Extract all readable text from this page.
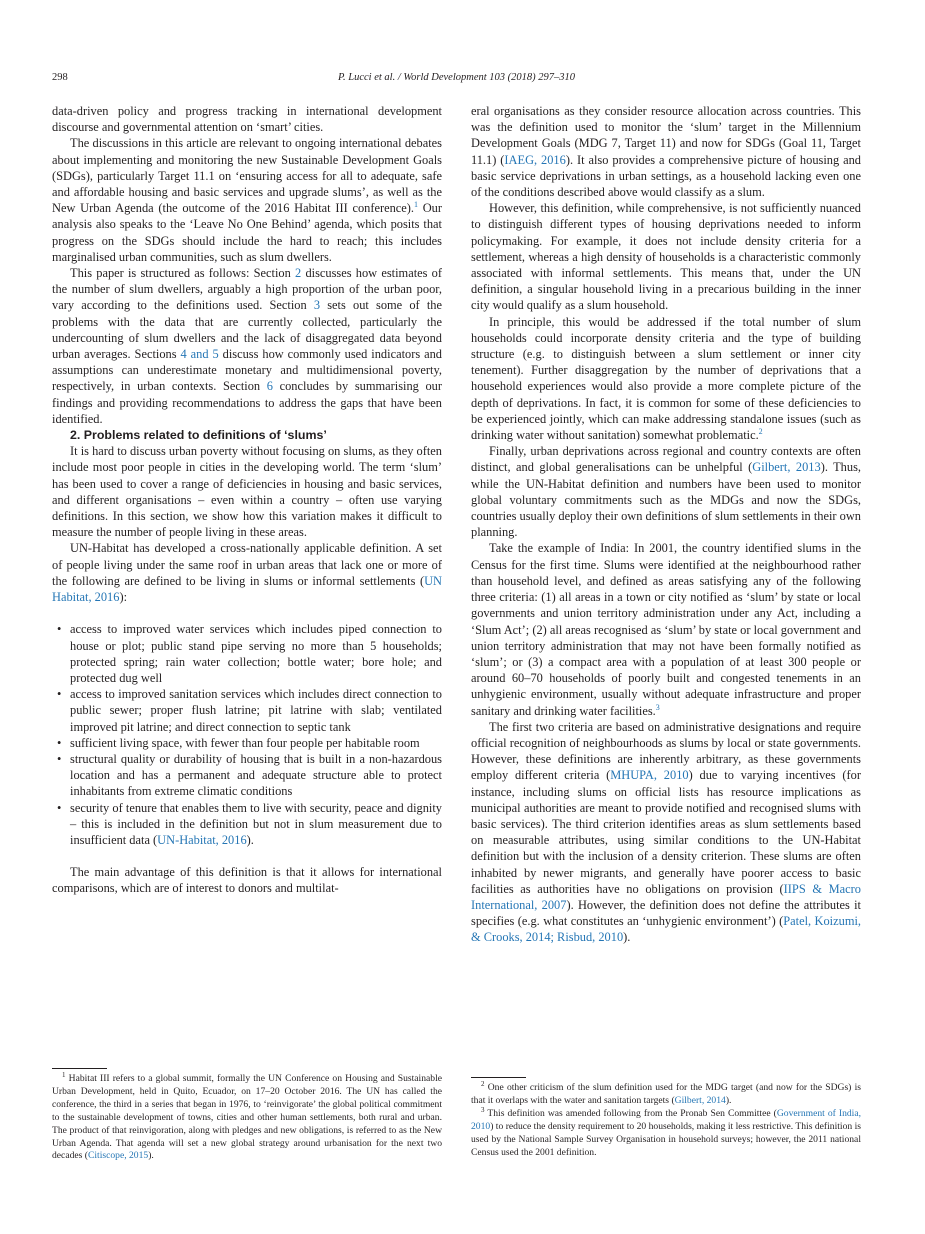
298	P. Lucci et al. / World Development 103 (2018) 297–310

data-driven policy and progress tracking in international development discourse and governmental attention on ‘smart’ cities.

The discussions in this article are relevant to ongoing international debates about implementing and monitoring the new Sustainable Development Goals (SDGs), particularly Target 11.1 on ‘ensuring access for all to adequate, safe and affordable housing and basic services and upgrade slums’, as well as the New Urban Agenda (the outcome of the 2016 Habitat III conference).$^1$ Our analysis also speaks to the ‘Leave No One Behind’ agenda, which posits that progress on the SDGs should include the hard to reach; this includes marginalised urban communities, such as slum dwellers.

This paper is structured as follows: Section 2 discusses how estimates of the number of slum dwellers, arguably a high proportion of the urban poor, vary according to the definitions used. Section 3 sets out some of the problems with the data that are currently collected, particularly the undercounting of slum dwellers and the lack of disaggregated data beyond urban averages. Sections 4 and 5 discuss how commonly used indicators and assumptions can underestimate monetary and multidimensional poverty, respectively, in urban contexts. Section 6 concludes by summarising our findings and providing recommendations to address the gaps that have been identified.

2. Problems related to definitions of ‘slums’

It is hard to discuss urban poverty without focusing on slums, as they often include most poor people in cities in the developing world. The term ‘slum’ has been used to cover a range of deficiencies in housing and basic services, and different organisations – even within a country – often use varying definitions. In this section, we show how this variation makes it difficult to measure the number of people living in these areas.

UN-Habitat has developed a cross-nationally applicable definition. A set of people living under the same roof in urban areas that lack one or more of the following are defined to be living in slums or informal settlements (UN Habitat, 2016):

• access to improved water services which includes piped connection to house or plot; public stand pipe serving no more than 5 households; protected spring; rain water collection; bottle water; bore hole; and protected dug well
• access to improved sanitation services which includes direct connection to public sewer; proper flush latrine; pit latrine with slab; ventilated improved pit latrine; and direct connection to septic tank
• sufficient living space, with fewer than four people per habitable room
• structural quality or durability of housing that is built in a non-hazardous location and has a permanent and adequate structure able to protect inhabitants from extreme climatic conditions
• security of tenure that enables them to live with security, peace and dignity – this is included in the definition but not in slum measurement due to insufficient data (UN-Habitat, 2016).

The main advantage of this definition is that it allows for international comparisons, which are of interest to donors and multilat-

eral organisations as they consider resource allocation across countries. This was the definition used to monitor the ‘slum’ target in the Millennium Development Goals (MDG 7, Target 11) and now for SDGs (Goal 11, Target 11.1) (IAEG, 2016). It also provides a comprehensive picture of housing and basic service deprivations in urban settings, as a household lacking even one of the conditions described above would classify as a slum.

However, this definition, while comprehensive, is not sufficiently nuanced to distinguish different types of housing deprivations needed to inform policymaking. For example, it does not include density criteria for a settlement, whereas a high density of households is a characteristic commonly associated with informal settlements. This means that, under the UN definition, a singular household living in a precarious building in the inner city would qualify as a slum household.

In principle, this would be addressed if the total number of slum households could incorporate density criteria and the type of building structure (e.g. to distinguish between a slum settlement or inner city tenement). Further disaggregation by the number of deprivations that a household experiences would also provide a more complete picture of the depth of deprivations. In fact, it is common for some of these deficiencies to be experienced jointly, which can make addressing standalone issues (such as drinking water without sanitation) somewhat problematic.$^2$

Finally, urban deprivations across regional and country contexts are often distinct, and global generalisations can be unhelpful (Gilbert, 2013). Thus, while the UN-Habitat definition and numbers have been used to monitor global voluntary commitments such as the MDGs and now the SDGs, countries usually deploy their own definitions of slum settlements in their own planning.

Take the example of India: In 2001, the country identified slums in the Census for the first time. Slums were identified at the neighbourhood rather than household level, and defined as areas satisfying any of the following three criteria: (1) all areas in a town or city notified as ‘slum’ by state or local governments and union territory administration under any Act, including a ‘Slum Act’; (2) all areas recognised as ‘slum’ by state or local government and union territory administration that may not have been formally notified as ‘slum’; or (3) a compact area with a population of at least 300 people or around 60–70 households of poorly built and congested tenements in an unhygienic environment, usually without adequate infrastructure and proper sanitary and drinking water facilities.$^3$

The first two criteria are based on administrative designations and require official recognition of neighbourhoods as slums by local or state governments. However, these definitions are inherently arbitrary, as these governments employ different criteria (MHUPA, 2010) due to varying incentives (for instance, including slums on official lists has resource implications as municipal authorities are meant to provide notified and recognised slums with basic services). The third criterion identifies areas as slum settlements based on measurable attributes, using similar conditions to the UN-Habitat definition but with the inclusion of a density criterion. These slums are often inhabited by newer migrants, and generally have poorer access to basic facilities as authorities have no obligations on provision (IIPS & Macro International, 2007). However, the definition does not define the attributes it specifies (e.g. what constitutes an ‘unhygienic environment’) (Patel, Koizumi, & Crooks, 2014; Risbud, 2010).

$^1$ Habitat III refers to a global summit, formally the UN Conference on Housing and Sustainable Urban Development, held in Quito, Ecuador, on 17–20 October 2016. The UN has called the conference, the third in a series that began in 1976, to ‘reinvigorate’ the global political commitment to the sustainable development of towns, cities and other human settlements, both rural and urban. The product of that reinvigoration, along with pledges and new obligations, is referred to as the New Urban Agenda. That agenda will set a new global strategy around urbanisation for the next two decades (Citiscope, 2015).

$^2$ One other criticism of the slum definition used for the MDG target (and now for the SDGs) is that it overlaps with the water and sanitation targets (Gilbert, 2014).

$^3$ This definition was amended following from the Pronab Sen Committee (Government of India, 2010) to reduce the density requirement to 20 households, making it less restrictive. This definition is used by the National Sample Survey Organisation in household surveys; however, the 2011 national Census used the 2001 definition.
